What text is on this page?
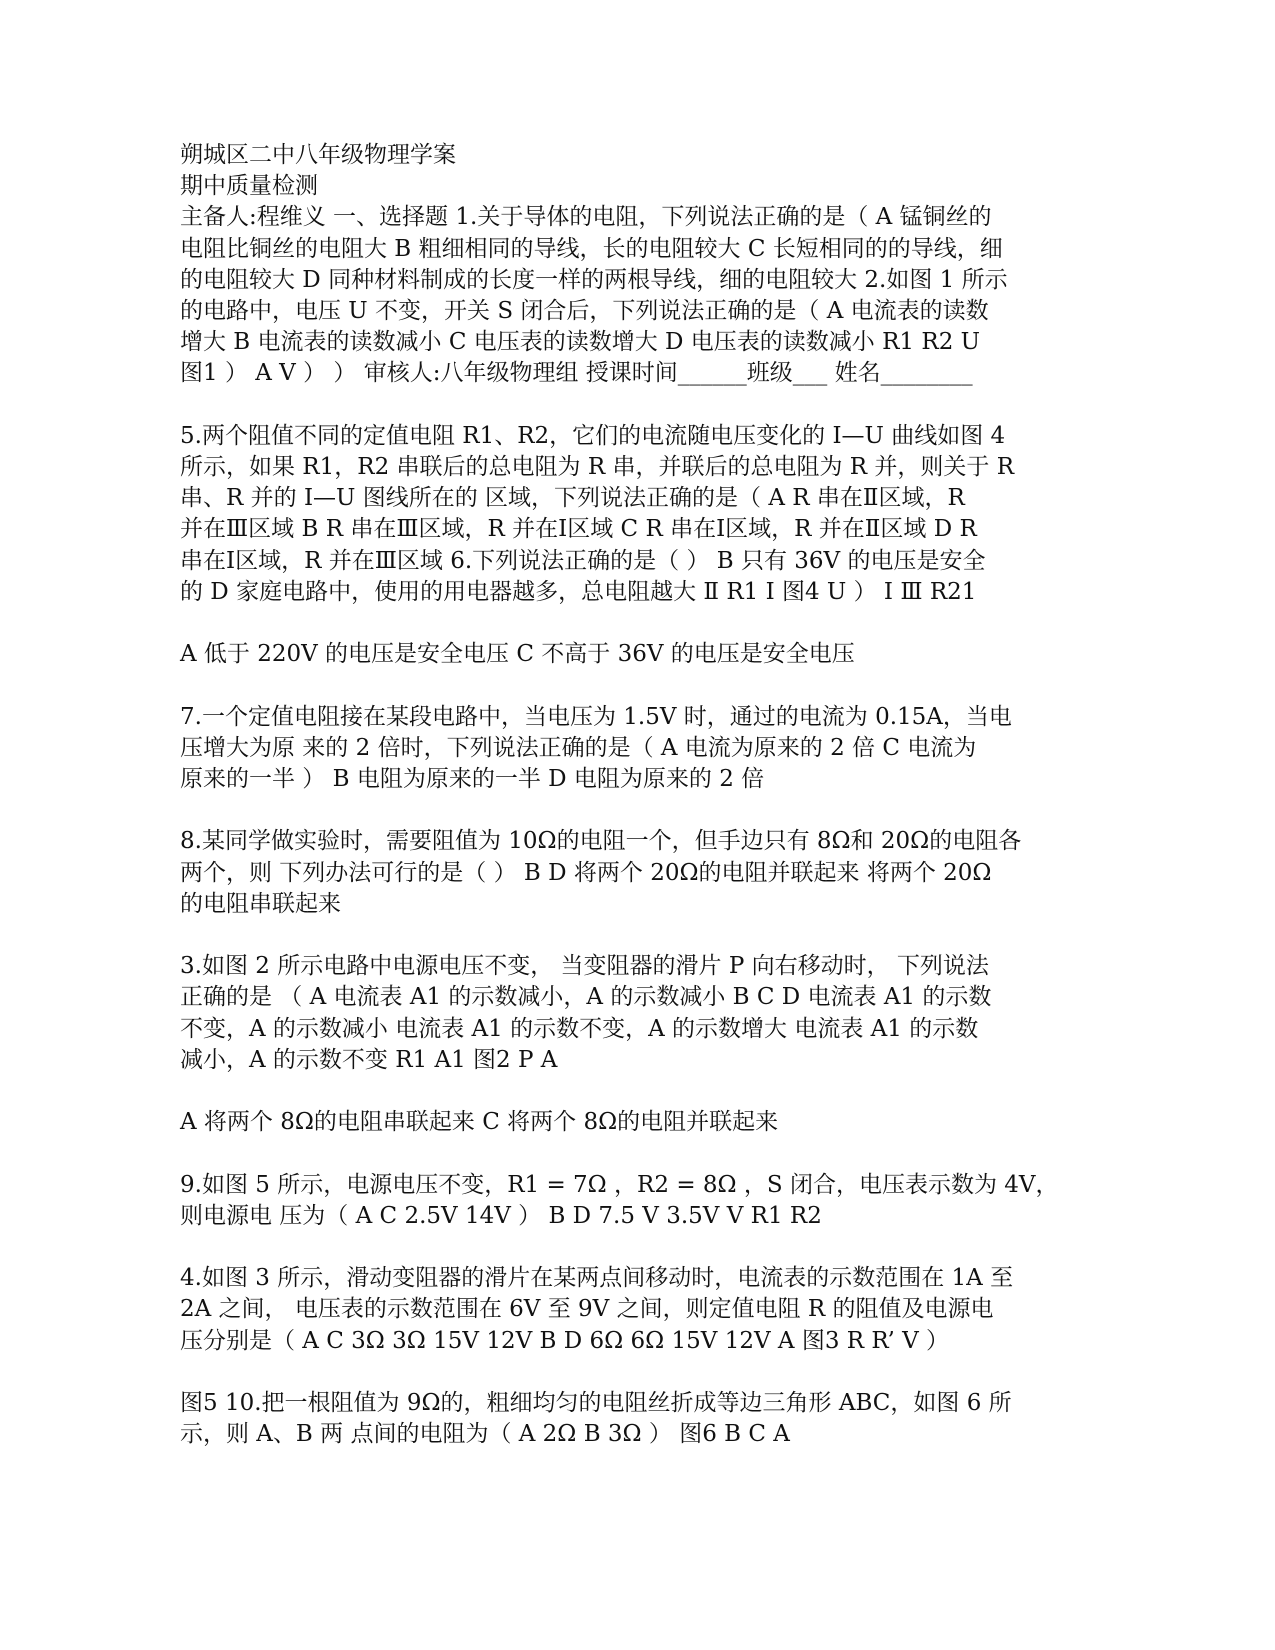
朔城区二中八年级物理学案

期中质量检测

主备人:程维义 一、选择题 1.关于导体的电阻，下列说法正确的是（ A 锰铜丝的

电阻比铜丝的电阻大 B 粗细相同的导线，长的电阻较大 C 长短相同的的导线，细

的电阻较大 D 同种材料制成的长度一样的两根导线，细的电阻较大 2.如图 1 所示

的电路中，电压 U 不变，开关 S 闭合后，下列说法正确的是（ A 电流表的读数

增大 B 电流表的读数减小 C 电压表的读数增大 D 电压表的读数减小 R1 R2 U

图1 ） A V ） ） 审核人:八年级物理组 授课时间______班级___ 姓名________

5.两个阻值不同的定值电阻 R1、R2，它们的电流随电压变化的 I—U 曲线如图 4

所示，如果 R1，R2 串联后的总电阻为 R 串，并联后的总电阻为 R 并，则关于 R

串、R 并的 I—U 图线所在的 区域，下列说法正确的是（ A R 串在Ⅱ区域，R

并在Ⅲ区域 B R 串在Ⅲ区域，R 并在Ⅰ区域 C R 串在Ⅰ区域，R 并在Ⅱ区域 D R

串在Ⅰ区域，R 并在Ⅲ区域 6.下列说法正确的是（ ） B 只有 36V 的电压是安全

的 D 家庭电路中，使用的用电器越多，总电阻越大 Ⅱ R1 Ⅰ 图4 U ） Ⅰ Ⅲ R21

A 低于 220V 的电压是安全电压 C 不高于 36V 的电压是安全电压

7.一个定值电阻接在某段电路中，当电压为 1.5V 时，通过的电流为 0.15A，当电

压增大为原 来的 2 倍时，下列说法正确的是（ A 电流为原来的 2 倍 C 电流为

原来的一半 ） B 电阻为原来的一半 D 电阻为原来的 2 倍

8.某同学做实验时，需要阻值为 10Ω的电阻一个，但手边只有 8Ω和 20Ω的电阻各

两个，则 下列办法可行的是（ ） B D 将两个 20Ω的电阻并联起来 将两个 20Ω

的电阻串联起来

3.如图 2 所示电路中电源电压不变， 当变阻器的滑片 P 向右移动时， 下列说法

正确的是 （ A 电流表 A1 的示数减小，A 的示数减小 B C D 电流表 A1 的示数

不变，A 的示数减小 电流表 A1 的示数不变，A 的示数增大 电流表 A1 的示数

减小，A 的示数不变 R1 A1 图2 P A

A 将两个 8Ω的电阻串联起来 C 将两个 8Ω的电阻并联起来

9.如图 5 所示，电源电压不变，R1 = 7Ω ，R2 = 8Ω ，S 闭合，电压表示数为 4V，

则电源电 压为（ A C 2.5V 14V ） B D 7.5 V 3.5V V R1 R2

4.如图 3 所示，滑动变阻器的滑片在某两点间移动时，电流表的示数范围在 1A 至

2A 之间， 电压表的示数范围在 6V 至 9V 之间，则定值电阻 R 的阻值及电源电

压分别是（ A C 3Ω 3Ω 15V 12V B D 6Ω 6Ω 15V 12V A 图3 R R’ V ）

图5 10.把一根阻值为 9Ω的，粗细均匀的电阻丝折成等边三角形 ABC，如图 6 所

示，则 A、B 两 点间的电阻为（ A 2Ω B 3Ω ） 图6 B C A
